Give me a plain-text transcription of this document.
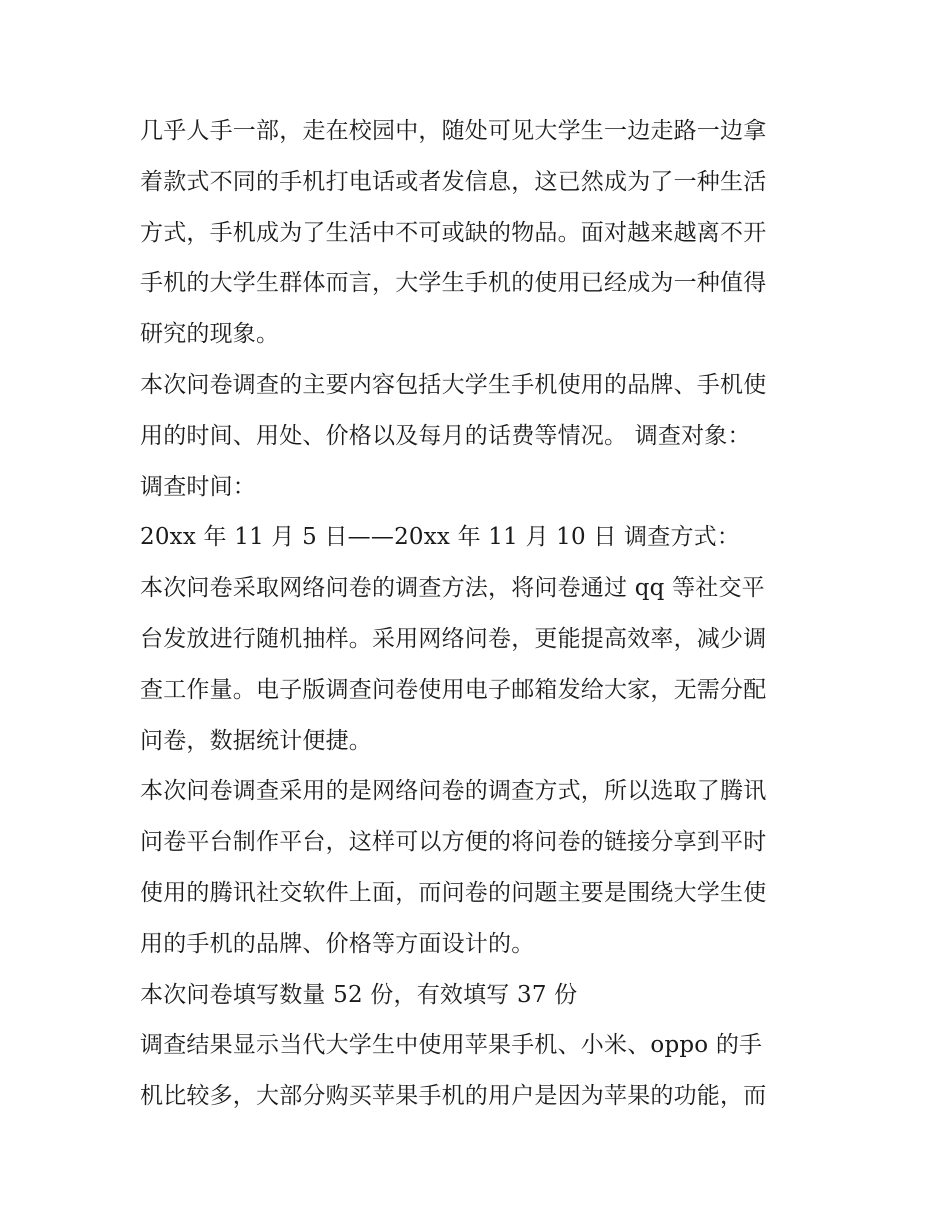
几乎人手一部，走在校园中，随处可见大学生一边走路一边拿
着款式不同的手机打电话或者发信息，这已然成为了一种生活
方式，手机成为了生活中不可或缺的物品。面对越来越离不开
手机的大学生群体而言，大学生手机的使用已经成为一种值得
研究的现象。
本次问卷调查的主要内容包括大学生手机使用的品牌、手机使
用的时间、用处、价格以及每月的话费等情况。 调查对象：
调查时间：
20xx 年 11 月 5 日——20xx 年 11 月 10 日 调查方式：
本次问卷采取网络问卷的调查方法，将问卷通过 qq 等社交平
台发放进行随机抽样。采用网络问卷，更能提高效率，减少调
查工作量。电子版调查问卷使用电子邮箱发给大家，无需分配
问卷，数据统计便捷。
本次问卷调查采用的是网络问卷的调查方式，所以选取了腾讯
问卷平台制作平台，这样可以方便的将问卷的链接分享到平时
使用的腾讯社交软件上面，而问卷的问题主要是围绕大学生使
用的手机的品牌、价格等方面设计的。
本次问卷填写数量 52 份，有效填写 37 份
调查结果显示当代大学生中使用苹果手机、小米、oppo 的手
机比较多，大部分购买苹果手机的用户是因为苹果的功能，而
